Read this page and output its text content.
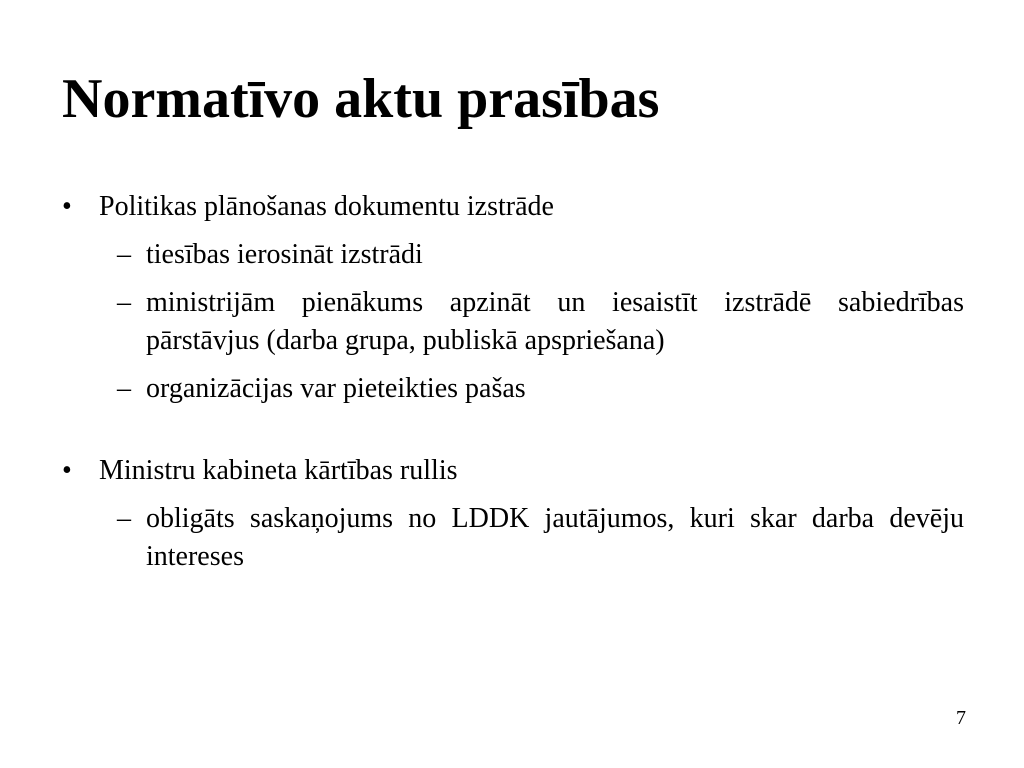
Normatīvo aktu prasības
• Politikas plānošanas dokumentu izstrāde
– tiesības ierosināt izstrādi
– ministrijām pienākums apzināt un iesaistīt izstrādē sabiedrības pārstāvjus (darba grupa, publiskā apspriešana)
– organizācijas var pieteikties pašas
• Ministru kabineta kārtības rullis
– obligāts saskaņojums no LDDK jautājumos, kuri skar darba devēju intereses
7
